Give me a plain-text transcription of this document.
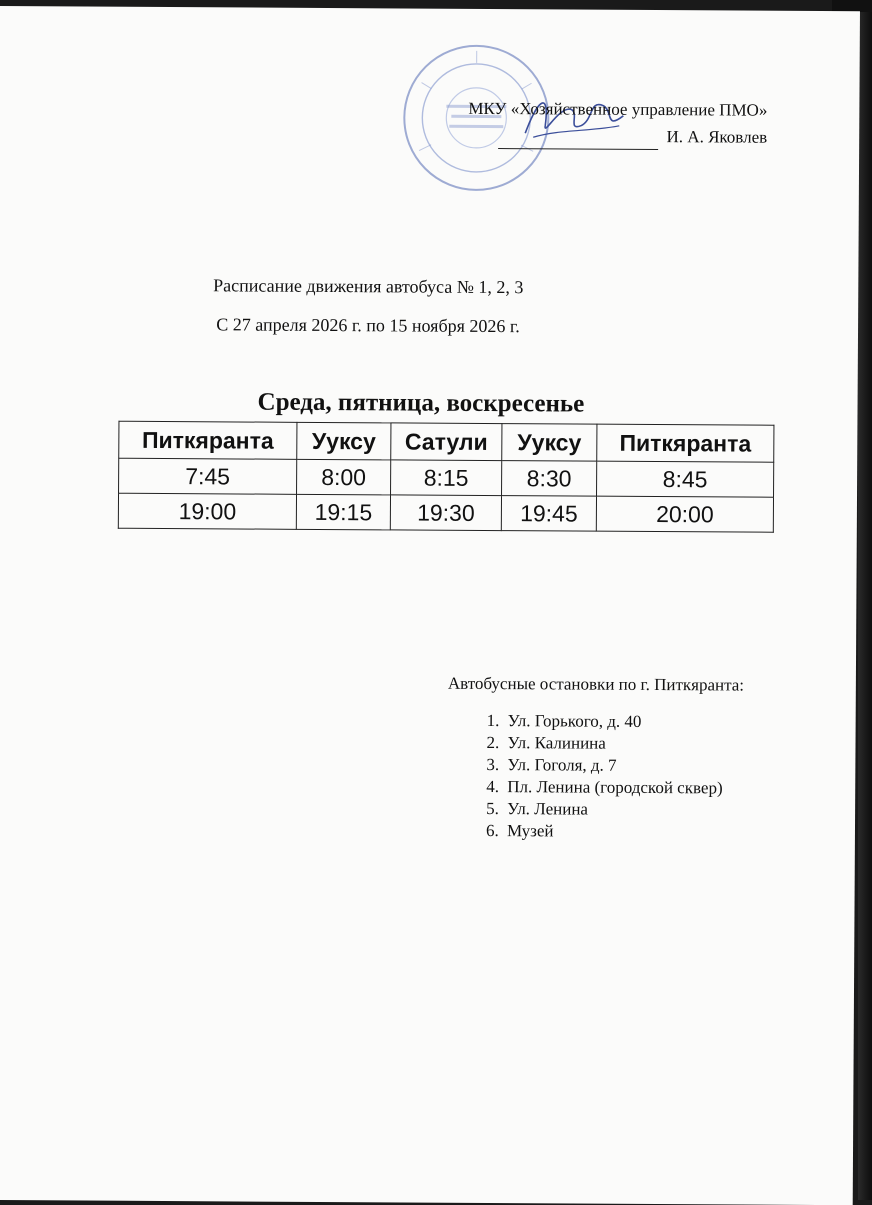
МКУ «Хозяйственное управление ПМО»
И. А. Яковлев
Расписание движения автобуса № 1, 2, 3
С 27 апреля 2026 г. по 15 ноября 2026 г.
Среда, пятница, воскресенье
Питкяранта	Ууксу	Сатули	Ууксу	Питкяранта
7:45	8:00	8:15	8:30	8:45
19:00	19:15	19:30	19:45	20:00
Автобусные остановки по г. Питкяранта:
1. Ул. Горького, д. 40
2. Ул. Калинина
3. Ул. Гоголя, д. 7
4. Пл. Ленина (городской сквер)
5. Ул. Ленина
6. Музей
